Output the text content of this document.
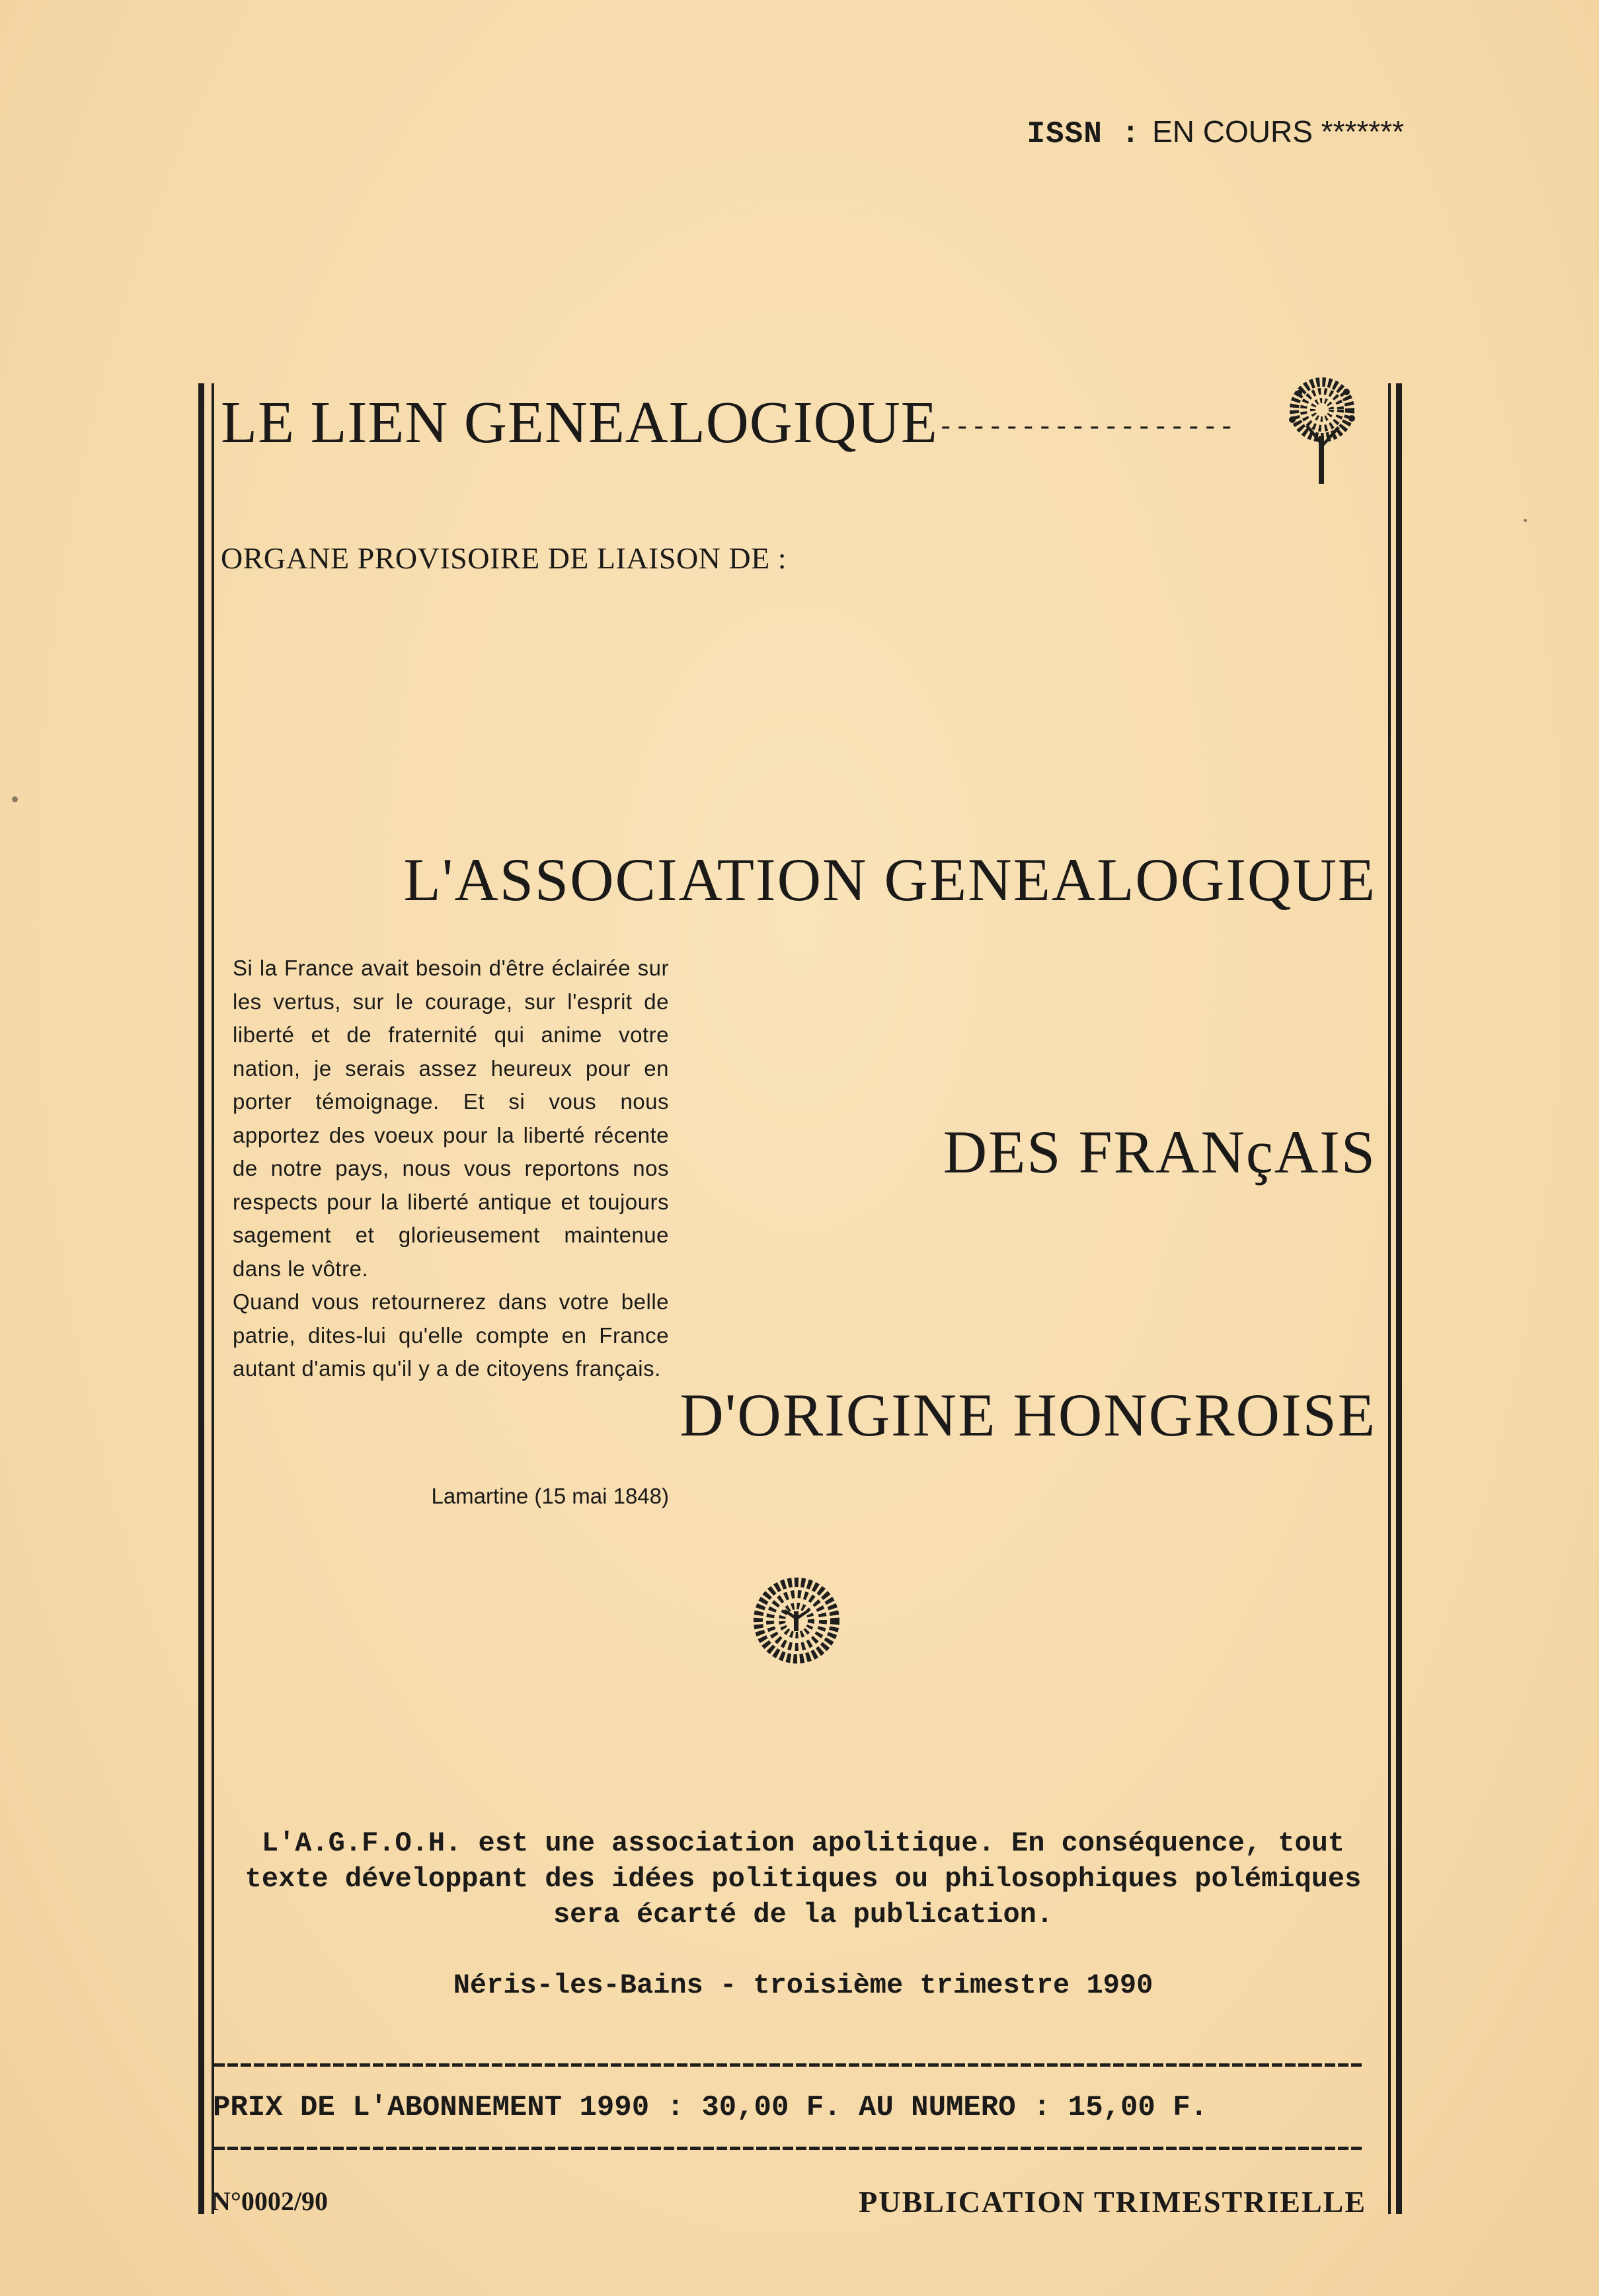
ISSN : EN COURS *******
LE LIEN GENEALOGIQUE------------------
ORGANE PROVISOIRE DE LIAISON DE :
L'ASSOCIATION GENEALOGIQUE
DES FRANçAIS
D'ORIGINE HONGROISE
Si la France avait besoin d'être éclairée sur les vertus, sur le courage, sur l'esprit de liberté et de fraternité qui anime votre nation, je serais assez heureux pour en porter témoignage. Et si vous nous apportez des voeux pour la liberté récente de notre pays, nous vous reportons nos respects pour la liberté antique et toujours sagement et glorieusement maintenue dans le vôtre.
Quand vous retournerez dans votre belle patrie, dites-lui qu'elle compte en France autant d'amis qu'il y a de citoyens français.
Lamartine (15 mai 1848)
L'A.G.F.O.H. est une association apolitique. En conséquence, tout texte développant des idées politiques ou philosophiques polémiques sera écarté de la publication.
Néris-les-Bains - troisième trimestre 1990
PRIX DE L'ABONNEMENT 1990 : 30,00 F. AU NUMERO : 15,00 F.
N°0002/90	PUBLICATION TRIMESTRIELLE
